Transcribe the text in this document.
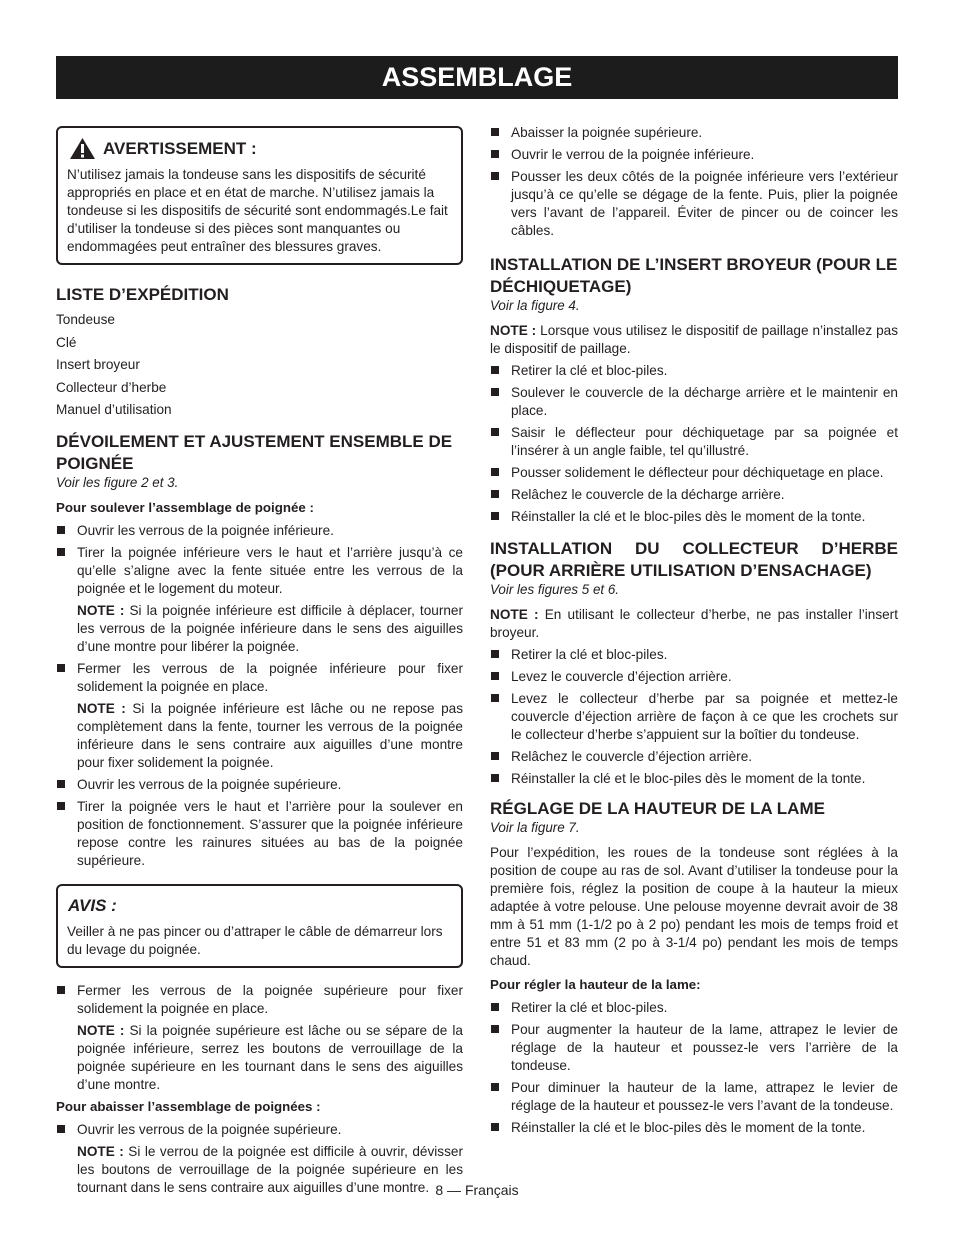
ASSEMBLAGE
AVERTISSEMENT :

N’utilisez jamais la tondeuse sans les dispositifs de sécurité appropriés en place et en état de marche. N’utilisez jamais la tondeuse si les dispositifs de sécurité sont endommagés.Le fait d’utiliser la tondeuse si des pièces sont manquantes ou endommagées peut entraîner des blessures graves.

LISTE D’EXPÉDITION

Tondeuse

Clé

Insert broyeur

Collecteur d’herbe

Manuel d’utilisation

DÉVOILEMENT ET AJUSTEMENT ENSEMBLE DE POIGNÉE

Voir les figure 2 et 3.

Pour soulever l’assemblage de poignée :

Ouvrir les verrous de la poignée inférieure.
Tirer la poignée inférieure vers le haut et l’arrière jusqu’à ce qu’elle s’aligne avec la fente située entre les verrous de la poignée et le logement du moteur.

NOTE : Si la poignée inférieure est difficile à déplacer, tourner les verrous de la poignée inférieure dans le sens des aiguilles d’une montre pour libérer la poignée.

Fermer les verrous de la poignée inférieure pour fixer solidement la poignée en place.

NOTE : Si la poignée inférieure est lâche ou ne repose pas complètement dans la fente, tourner les verrous de la poignée inférieure dans le sens contraire aux aiguilles d’une montre pour fixer solidement la poignée.

Ouvrir les verrous de la poignée supérieure.
Tirer la poignée vers le haut et l’arrière pour la soulever en position de fonctionnement. S’assurer que la poignée inférieure repose contre les rainures situées au bas de la poignée supérieure.
AVIS :

Veiller à ne pas pincer ou d’attraper le câble de démarreur lors du levage du poignée.

Fermer les verrous de la poignée supérieure pour fixer solidement la poignée en place.

NOTE : Si la poignée supérieure est lâche ou se sépare de la poignée inférieure, serrez les boutons de verrouillage de la poignée supérieure en les tournant dans le sens des aiguilles d’une montre.

Pour abaisser l’assemblage de poignées :

Ouvrir les verrous de la poignée supérieure.

NOTE : Si le verrou de la poignée est difficile à ouvrir, dévisser les boutons de verrouillage de la poignée supérieure en les tournant dans le sens contraire aux aiguilles d’une montre.

Abaisser la poignée supérieure.
Ouvrir le verrou de la poignée inférieure.
Pousser les deux côtés de la poignée inférieure vers l’extérieur jusqu’à ce qu’elle se dégage de la fente. Puis, plier la poignée vers l’avant de l’appareil. Éviter de pincer ou de coincer les câbles.
INSTALLATION DE L’INSERT BROYEUR (POUR LE DÉCHIQUETAGE)

Voir la figure 4.

NOTE : Lorsque vous utilisez le dispositif de paillage n’installez pas le dispositif de paillage.

Retirer la clé et bloc-piles.
Soulever le couvercle de la décharge arrière et le maintenir en place.
Saisir le déflecteur pour déchiquetage par sa poignée et l’insérer à un angle faible, tel qu’illustré.
Pousser solidement le déflecteur pour déchiquetage en place.
Relâchez le couvercle de la décharge arrière.
Réinstaller la clé et le bloc-piles dès le moment de la tonte.
INSTALLATION DU COLLECTEUR D’HERBE (POUR ARRIÈRE UTILISATION D’ENSACHAGE)

Voir les figures 5 et 6.

NOTE : En utilisant le collecteur d’herbe, ne pas installer l’insert broyeur.

Retirer la clé et bloc-piles.
Levez le couvercle d’éjection arrière.
Levez le collecteur d’herbe par sa poignée et mettez-le couvercle d’éjection arrière de façon à ce que les crochets sur le collecteur d’herbe s’appuient sur la boîtier du tondeuse.
Relâchez le couvercle d’éjection arrière.
Réinstaller la clé et le bloc-piles dès le moment de la tonte.
RÉGLAGE DE LA HAUTEUR DE LA LAME

Voir la figure 7.

Pour l’expédition, les roues de la tondeuse sont réglées à la position de coupe au ras de sol. Avant d’utiliser la tondeuse pour la première fois, réglez la position de coupe à la hauteur la mieux adaptée à votre pelouse. Une pelouse moyenne devrait avoir de 38 mm à 51 mm (1-1/2 po à 2 po) pendant les mois de temps froid et entre 51 et 83 mm (2 po à 3-1/4 po) pendant les mois de temps chaud.

Pour régler la hauteur de la lame:

Retirer la clé et bloc-piles.
Pour augmenter la hauteur de la lame, attrapez le levier de réglage de la hauteur et poussez-le vers l’arrière de la tondeuse.
Pour diminuer la hauteur de la lame, attrapez le levier de réglage de la hauteur et poussez-le vers l’avant de la tondeuse.
Réinstaller la clé et le bloc-piles dès le moment de la tonte.
8 — Français
